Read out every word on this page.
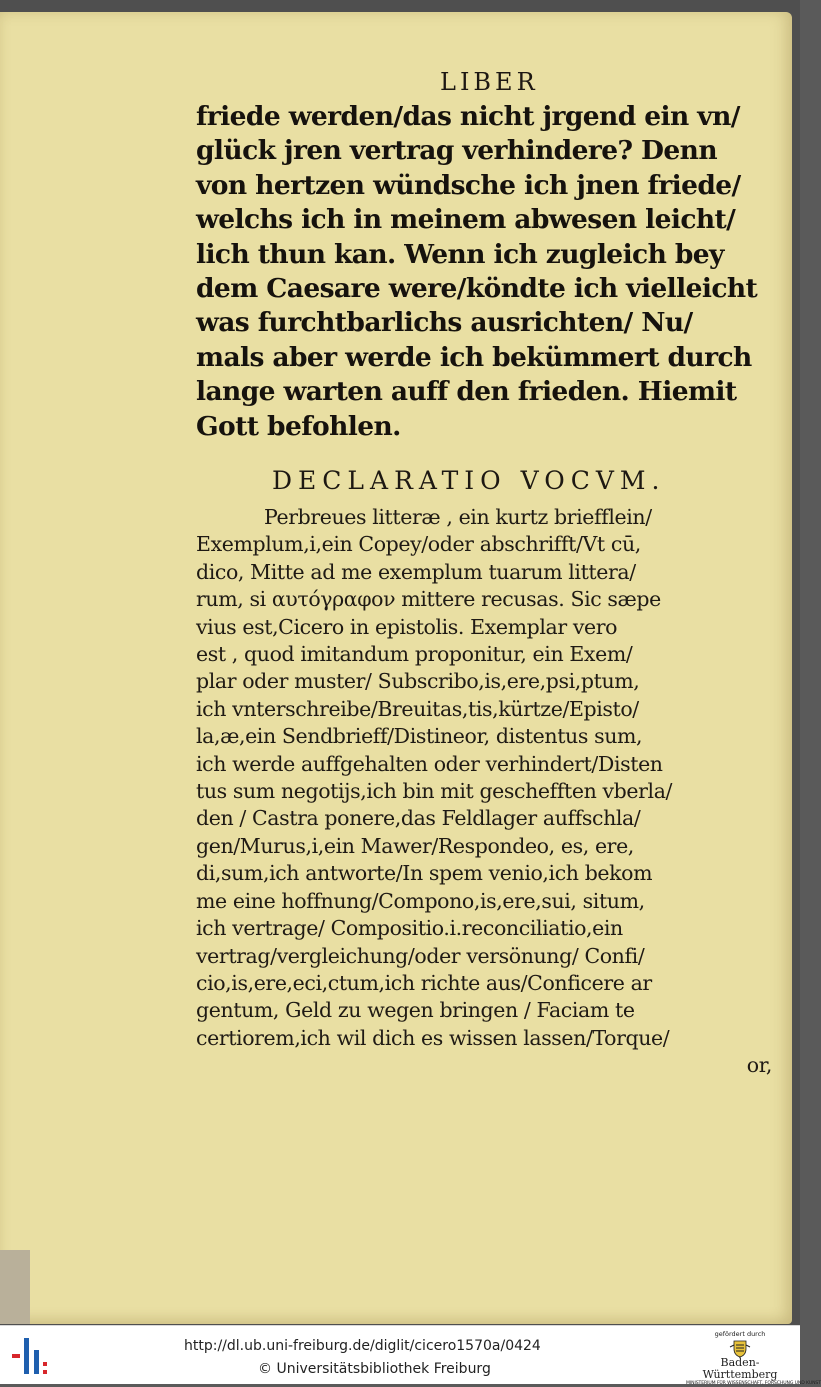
LIBER
friede werden/das nicht jrgend ein vn/
glück jren vertrag verhindere? Denn
von hertzen wündsche ich jnen friede/
welchs ich in meinem abwesen leicht/
lich thun kan. Wenn ich zugleich bey
dem Caesare were/köndte ich vielleicht
was furchtbarlichs ausrichten/ Nu/
mals aber werde ich bekümmert durch
lange warten auff den frieden. Hiemit
Gott befohlen.
DECLARATIO VOCVM.
Perbreues litteræ , ein kurtz briefflein/
Exemplum,i,ein Copey/oder abschrifft/Vt cū,
dico, Mitte ad me exemplum tuarum littera/
rum, si αυτόγραφον mittere recusas. Sic sæpe
vius est,Cicero in epistolis. Exemplar vero
est , quod imitandum proponitur, ein Exem/
plar oder muster/ Subscribo,is,ere,psi,ptum,
ich vnterschreibe/Breuitas,tis,kürtze/Episto/
la,æ,ein Sendbrieff/Distineor, distentus sum,
ich werde auffgehalten oder verhindert/Disten
tus sum negotijs,ich bin mit geschefften vberla/
den / Castra ponere,das Feldlager auffschla/
gen/Murus,i,ein Mawer/Respondeo, es, ere,
di,sum,ich antworte/In spem venio,ich bekom
me eine hoffnung/Compono,is,ere,sui, situm,
ich vertrage/ Compositio.i.reconciliatio,ein
vertrag/vergleichung/oder versönung/ Confi/
cio,is,ere,eci,ctum,ich richte aus/Conficere ar
gentum, Geld zu wegen bringen / Faciam te
certiorem,ich wil dich es wissen lassen/Torque/
or,
http://dl.ub.uni-freiburg.de/diglit/cicero1570a/0424

© Universitätsbibliothek Freiburg

gefördert durch
Baden-Württemberg
MINISTERIUM FÜR WISSENSCHAFT, FORSCHUNG UND KUNST
